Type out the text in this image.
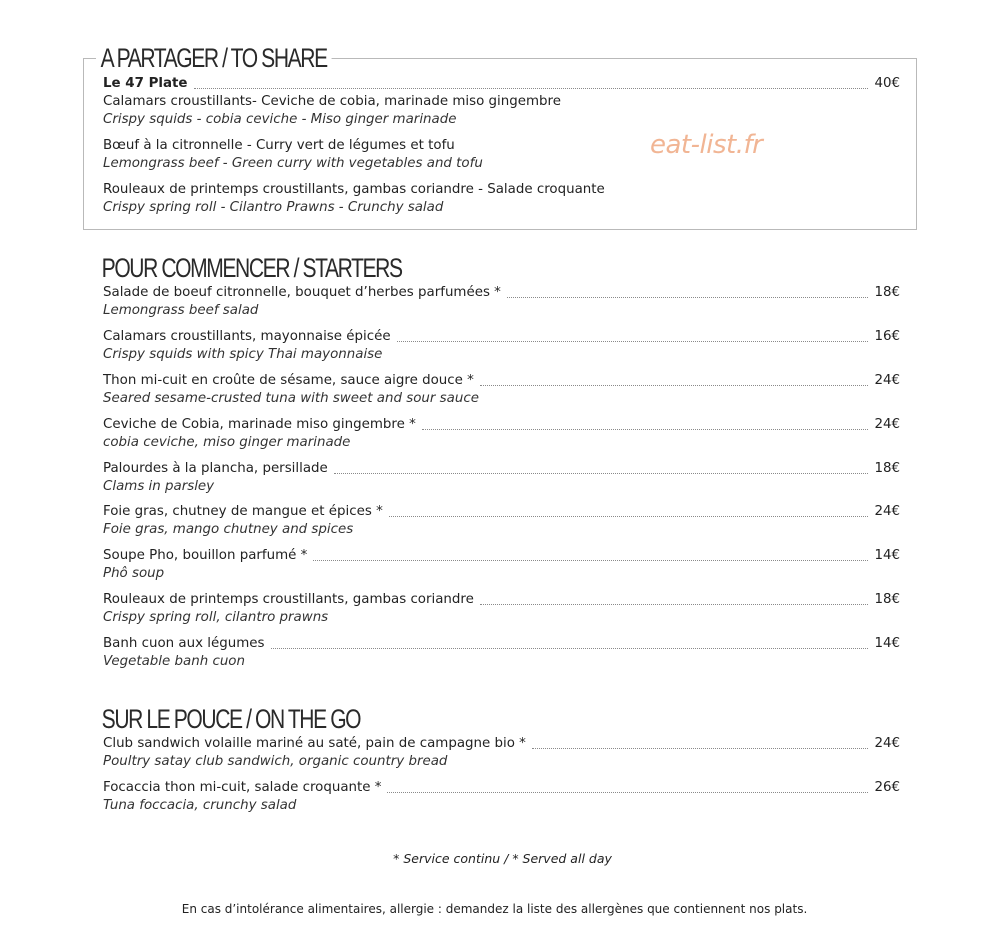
A PARTAGER / TO SHARE
Le 47 Plate	40€
Calamars croustillants- Ceviche de cobia, marinade miso gingembre
Crispy squids - cobia ceviche - Miso ginger marinade
Bœuf à la citronnelle - Curry vert de légumes et tofu
Lemongrass beef - Green curry with vegetables and tofu
Rouleaux de printemps croustillants, gambas coriandre - Salade croquante
Crispy spring roll - Cilantro Prawns - Crunchy salad
eat-list.fr
POUR COMMENCER / STARTERS
Salade de boeuf citronnelle, bouquet d’herbes parfumées *	18€
Lemongrass beef salad
Calamars croustillants, mayonnaise épicée	16€
Crispy squids with spicy Thai mayonnaise
Thon mi-cuit en croûte de sésame, sauce aigre douce *	24€
Seared sesame-crusted tuna with sweet and sour sauce
Ceviche de Cobia, marinade miso gingembre *	24€
cobia ceviche, miso ginger marinade
Palourdes à la plancha, persillade	18€
Clams in parsley
Foie gras, chutney de mangue et épices *	24€
Foie gras, mango chutney and spices
Soupe Pho, bouillon parfumé *	14€
Phô soup
Rouleaux de printemps croustillants, gambas coriandre	18€
Crispy spring roll, cilantro prawns
Banh cuon aux légumes	14€
Vegetable banh cuon
SUR LE POUCE / ON THE GO
Club sandwich volaille mariné au saté, pain de campagne bio *	24€
Poultry satay club sandwich, organic country bread
Focaccia thon mi-cuit, salade croquante *	26€
Tuna foccacia, crunchy salad
* Service continu / * Served all day
En cas d’intolérance alimentaires, allergie : demandez la liste des allergènes que contiennent nos plats.
